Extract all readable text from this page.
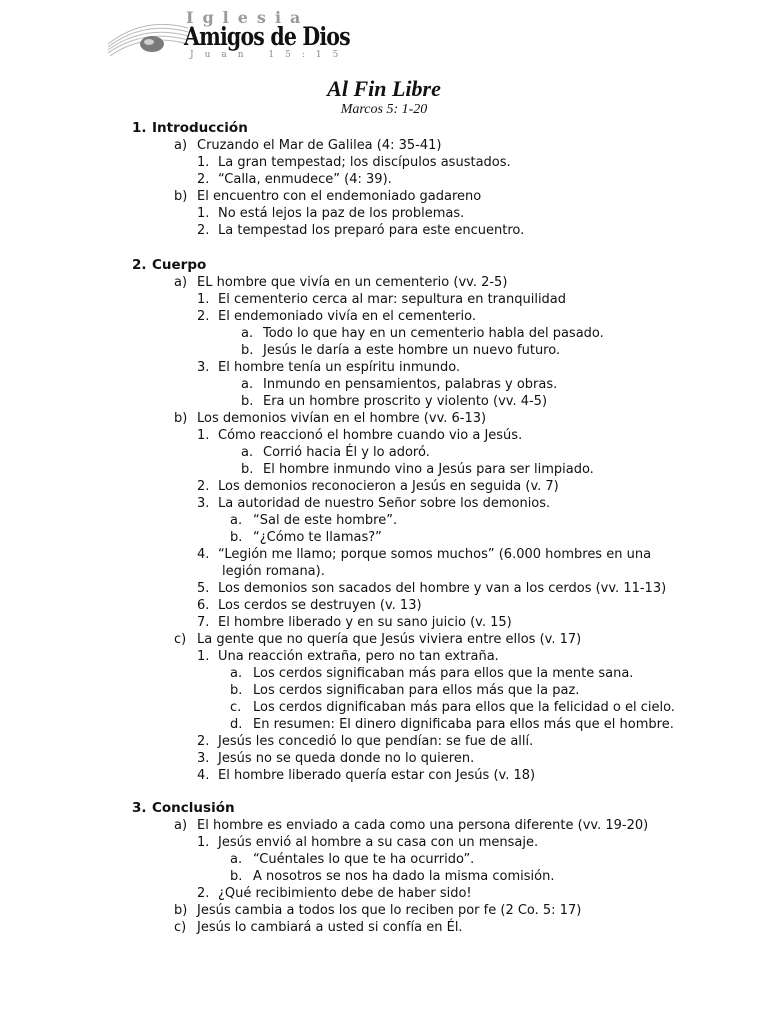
Iglesia
Amigos de Dios
Juan 15:15
Al Fin Libre
Marcos 5: 1-20
1. Introducción
a) Cruzando el Mar de Galilea (4: 35-41)
1. La gran tempestad; los discípulos asustados.
2. “Calla, enmudece” (4: 39).
b) El encuentro con el endemoniado gadareno
1. No está lejos la paz de los problemas.
2. La tempestad los preparó para este encuentro.
2. Cuerpo
a) EL hombre que vivía en un cementerio (vv. 2-5)
1. El cementerio cerca al mar: sepultura en tranquilidad
2. El endemoniado vivía en el cementerio.
a. Todo lo que hay en un cementerio habla del pasado.
b. Jesús le daría a este hombre un nuevo futuro.
3. El hombre tenía un espíritu inmundo.
a. Inmundo en pensamientos, palabras y obras.
b. Era un hombre proscrito y violento (vv. 4-5)
b) Los demonios vivían en el hombre (vv. 6-13)
1. Cómo reaccionó el hombre cuando vio a Jesús.
a. Corrió hacia Él y lo adoró.
b. El hombre inmundo vino a Jesús para ser limpiado.
2. Los demonios reconocieron a Jesús en seguida (v. 7)
3. La autoridad de nuestro Señor sobre los demonios.
a. “Sal de este hombre”.
b. “¿Cómo te llamas?”
4. “Legión me llamo; porque somos muchos” (6.000 hombres en una
legión romana).
5. Los demonios son sacados del hombre y van a los cerdos (vv. 11-13)
6. Los cerdos se destruyen (v. 13)
7. El hombre liberado y en su sano juicio (v. 15)
c) La gente que no quería que Jesús viviera entre ellos (v. 17)
1. Una reacción extraña, pero no tan extraña.
a. Los cerdos significaban más para ellos que la mente sana.
b. Los cerdos significaban para ellos más que la paz.
c. Los cerdos dignificaban más para ellos que la felicidad o el cielo.
d. En resumen: El dinero dignificaba para ellos más que el hombre.
2. Jesús les concedió lo que pendían: se fue de allí.
3. Jesús no se queda donde no lo quieren.
4. El hombre liberado quería estar con Jesús (v. 18)
3. Conclusión
a) El hombre es enviado a cada como una persona diferente (vv. 19-20)
1. Jesús envió al hombre a su casa con un mensaje.
a. “Cuéntales lo que te ha ocurrido”.
b. A nosotros se nos ha dado la misma comisión.
2. ¿Qué recibimiento debe de haber sido!
b) Jesús cambia a todos los que lo reciben por fe (2 Co. 5: 17)
c) Jesús lo cambiará a usted si confía en Él.
